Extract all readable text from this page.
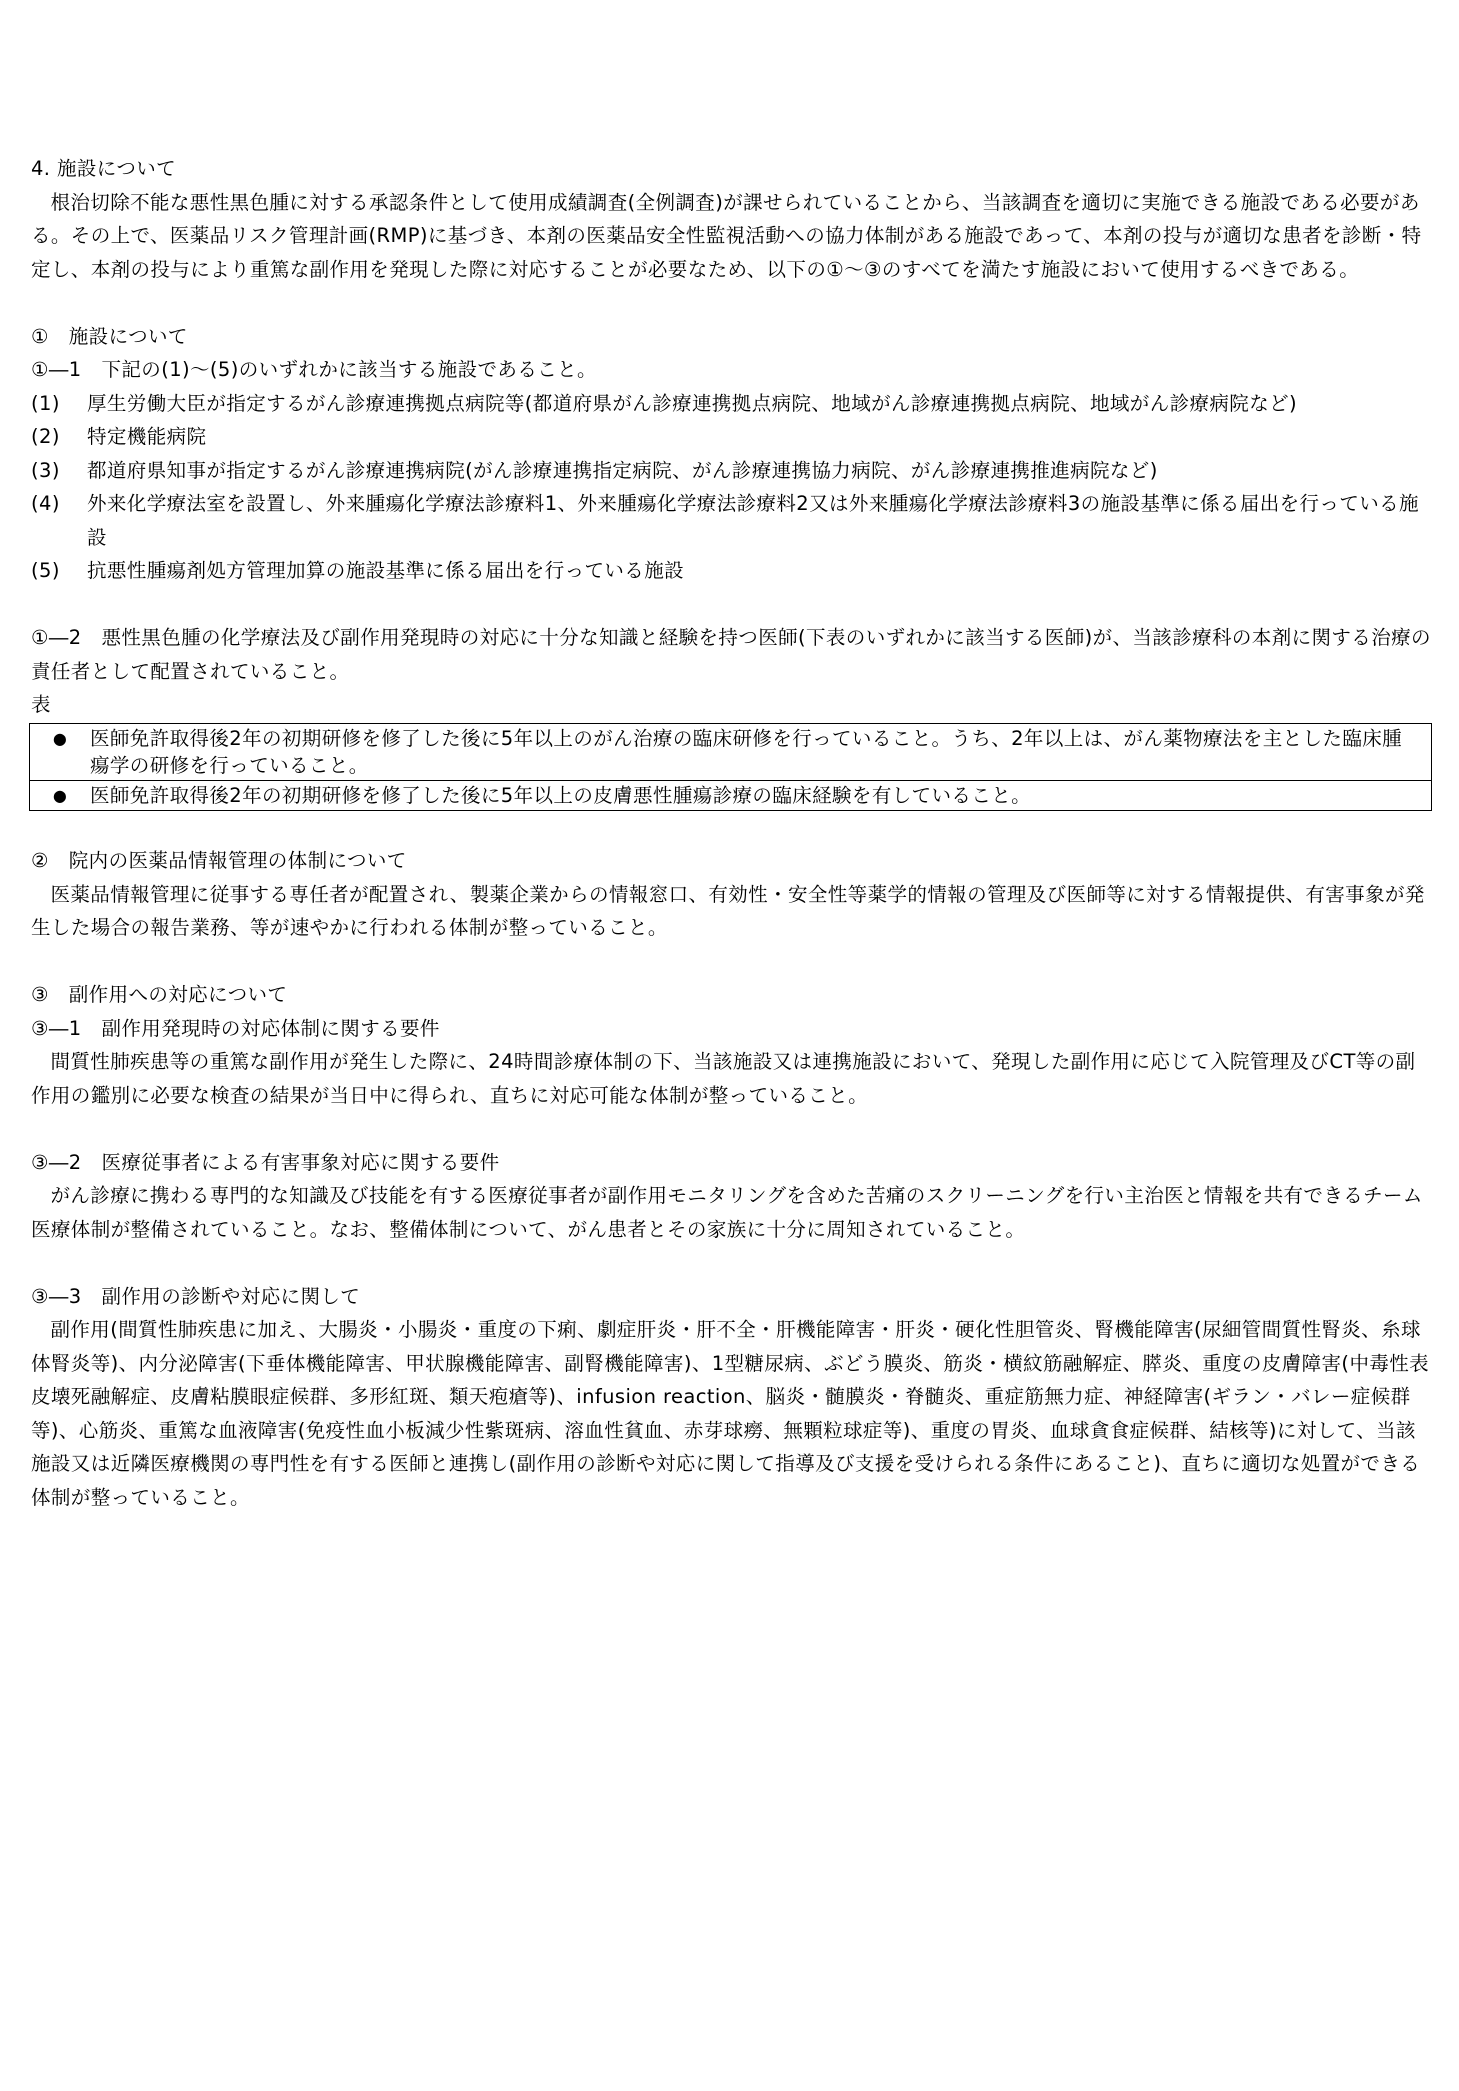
4. 施設について

根治切除不能な悪性黒色腫に対する承認条件として使用成績調査(全例調査)が課せられていることから、当該調査を適切に実施できる施設である必要がある。その上で、医薬品リスク管理計画(RMP)に基づき、本剤の医薬品安全性監視活動への協力体制がある施設であって、本剤の投与が適切な患者を診断・特定し、本剤の投与により重篤な副作用を発現した際に対応することが必要なため、以下の①～③のすべてを満たす施設において使用するべきである。

①　施設について

①―1　下記の(1)～(5)のいずれかに該当する施設であること。

(1)	厚生労働大臣が指定するがん診療連携拠点病院等(都道府県がん診療連携拠点病院、地域がん診療連携拠点病院、地域がん診療病院など)
(2)	特定機能病院
(3)	都道府県知事が指定するがん診療連携病院(がん診療連携指定病院、がん診療連携協力病院、がん診療連携推進病院など)
(4)	外来化学療法室を設置し、外来腫瘍化学療法診療料1、外来腫瘍化学療法診療料2又は外来腫瘍化学療法診療料3の施設基準に係る届出を行っている施設
(5)	抗悪性腫瘍剤処方管理加算の施設基準に係る届出を行っている施設

①―2　悪性黒色腫の化学療法及び副作用発現時の対応に十分な知識と経験を持つ医師(下表のいずれかに該当する医師)が、当該診療科の本剤に関する治療の責任者として配置されていること。

表

●	医師免許取得後2年の初期研修を修了した後に5年以上のがん治療の臨床研修を行っていること。うち、2年以上は、がん薬物療法を主とした臨床腫瘍学の研修を行っていること。

●	医師免許取得後2年の初期研修を修了した後に5年以上の皮膚悪性腫瘍診療の臨床経験を有していること。

②　院内の医薬品情報管理の体制について

医薬品情報管理に従事する専任者が配置され、製薬企業からの情報窓口、有効性・安全性等薬学的情報の管理及び医師等に対する情報提供、有害事象が発生した場合の報告業務、等が速やかに行われる体制が整っていること。

③　副作用への対応について

③―1　副作用発現時の対応体制に関する要件

間質性肺疾患等の重篤な副作用が発生した際に、24時間診療体制の下、当該施設又は連携施設において、発現した副作用に応じて入院管理及びCT等の副作用の鑑別に必要な検査の結果が当日中に得られ、直ちに対応可能な体制が整っていること。

③―2　医療従事者による有害事象対応に関する要件

がん診療に携わる専門的な知識及び技能を有する医療従事者が副作用モニタリングを含めた苦痛のスクリーニングを行い主治医と情報を共有できるチーム医療体制が整備されていること。なお、整備体制について、がん患者とその家族に十分に周知されていること。

③―3　副作用の診断や対応に関して

副作用(間質性肺疾患に加え、大腸炎・小腸炎・重度の下痢、劇症肝炎・肝不全・肝機能障害・肝炎・硬化性胆管炎、腎機能障害(尿細管間質性腎炎、糸球体腎炎等)、内分泌障害(下垂体機能障害、甲状腺機能障害、副腎機能障害)、1型糖尿病、ぶどう膜炎、筋炎・横紋筋融解症、膵炎、重度の皮膚障害(中毒性表皮壊死融解症、皮膚粘膜眼症候群、多形紅斑、類天疱瘡等)、infusion reaction、脳炎・髄膜炎・脊髄炎、重症筋無力症、神経障害(ギラン・バレー症候群等)、心筋炎、重篤な血液障害(免疫性血小板減少性紫斑病、溶血性貧血、赤芽球癆、無顆粒球症等)、重度の胃炎、血球貪食症候群、結核等)に対して、当該施設又は近隣医療機関の専門性を有する医師と連携し(副作用の診断や対応に関して指導及び支援を受けられる条件にあること)、直ちに適切な処置ができる体制が整っていること。
